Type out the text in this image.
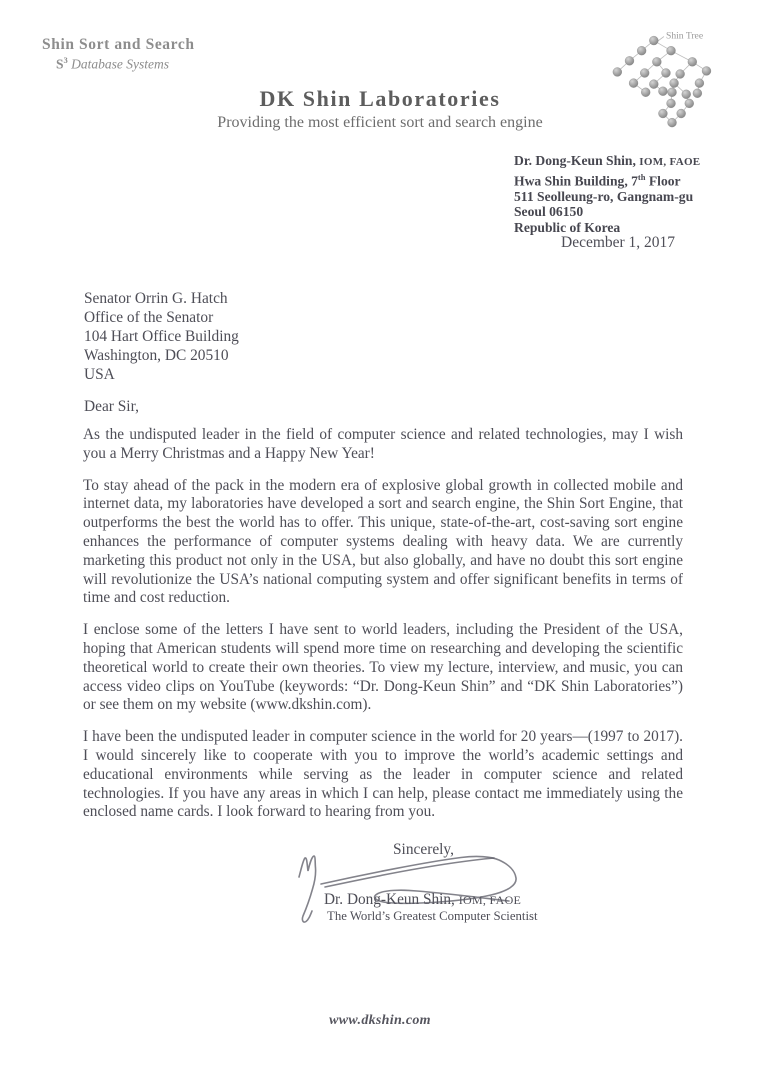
Shin Sort and Search
$S^3$ Database Systems
Shin Tree
DK Shin Laboratories
Providing the most efficient sort and search engine
Dr. Dong-Keun Shin, IOM, FAOE
Hwa Shin Building, 7th Floor
511 Seolleung-ro, Gangnam-gu
Seoul 06150
Republic of Korea
December 1, 2017
Senator Orrin G. Hatch
Office of the Senator
104 Hart Office Building
Washington, DC 20510
USA
Dear Sir,

As the undisputed leader in the field of computer science and related technologies, may I wish you a Merry Christmas and a Happy New Year!

To stay ahead of the pack in the modern era of explosive global growth in collected mobile and internet data, my laboratories have developed a sort and search engine, the Shin Sort Engine, that outperforms the best the world has to offer. This unique, state-of-the-art, cost-saving sort engine enhances the performance of computer systems dealing with heavy data. We are currently marketing this product not only in the USA, but also globally, and have no doubt this sort engine will revolutionize the USA’s national computing system and offer significant benefits in terms of time and cost reduction.

I enclose some of the letters I have sent to world leaders, including the President of the USA, hoping that American students will spend more time on researching and developing the scientific theoretical world to create their own theories. To view my lecture, interview, and music, you can access video clips on YouTube (keywords: “Dr. Dong-Keun Shin” and “DK Shin Laboratories”) or see them on my website (www.dkshin.com).

I have been the undisputed leader in computer science in the world for 20 years—(1997 to 2017). I would sincerely like to cooperate with you to improve the world’s academic settings and educational environments while serving as the leader in computer science and related technologies. If you have any areas in which I can help, please contact me immediately using the enclosed name cards. I look forward to hearing from you.

Sincerely,
Dr. Dong-Keun Shin, IOM, FAOE
The World’s Greatest Computer Scientist
www.dkshin.com
